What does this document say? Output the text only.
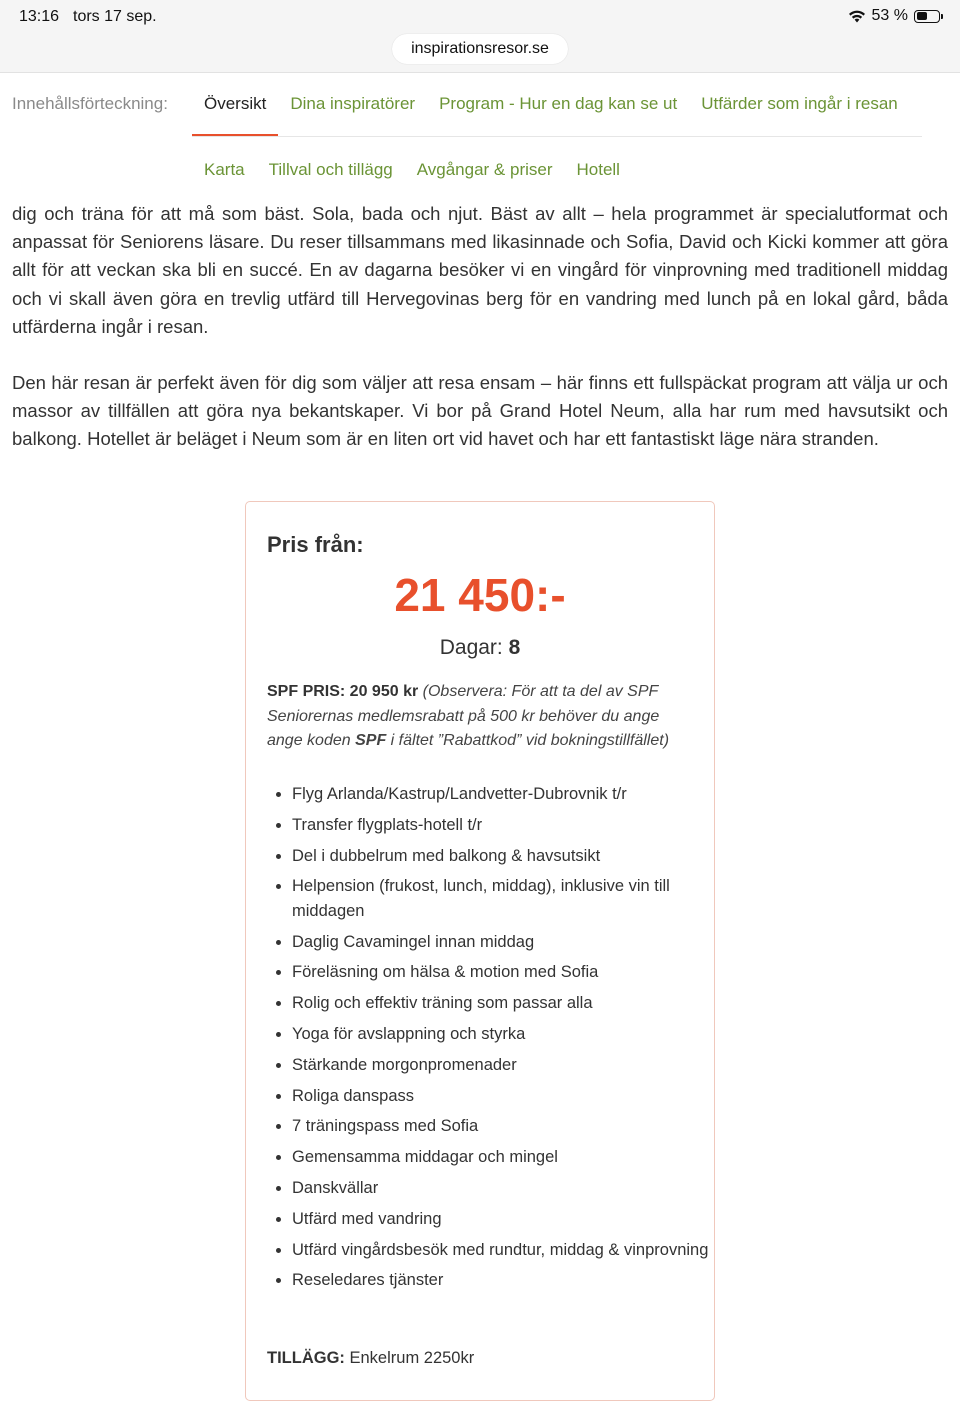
13:16 tors 17 sep.	53 %
inspirationsresor.se
Innehållsförteckning:	Översikt	Dina inspiratörer	Program - Hur en dag kan se ut	Utfärder som ingår i resan
Karta	Tillval och tillägg	Avgångar & priser	Hotell

dig och träna för att må som bäst. Sola, bada och njut. Bäst av allt – hela programmet är specialutformat och anpassat för Seniorens läsare. Du reser tillsammans med likasinnade och Sofia, David och Kicki kommer att göra allt för att veckan ska bli en succé. En av dagarna besöker vi en vingård för vinprovning med traditionell middag och vi skall även göra en trevlig utfärd till Hervegovinas berg för en vandring med lunch på en lokal gård, båda utfärderna ingår i resan.

Den här resan är perfekt även för dig som väljer att resa ensam – här finns ett fullspäckat program att välja ur och massor av tillfällen att göra nya bekantskaper. Vi bor på Grand Hotel Neum, alla har rum med havsutsikt och balkong. Hotellet är beläget i Neum som är en liten ort vid havet och har ett fantastiskt läge nära stranden.

Pris från:
21 450:-
Dagar: 8
SPF PRIS: 20 950 kr (Observera: För att ta del av SPF Seniorernas medlemsrabatt på 500 kr behöver du ange ange koden SPF i fältet ”Rabattkod” vid bokningstillfället)
• Flyg Arlanda/Kastrup/Landvetter-Dubrovnik t/r
• Transfer flygplats-hotell t/r
• Del i dubbelrum med balkong & havsutsikt
• Helpension (frukost, lunch, middag), inklusive vin till middagen
• Daglig Cavamingel innan middag
• Föreläsning om hälsa & motion med Sofia
• Rolig och effektiv träning som passar alla
• Yoga för avslappning och styrka
• Stärkande morgonpromenader
• Roliga danspass
• 7 träningspass med Sofia
• Gemensamma middagar och mingel
• Danskvällar
• Utfärd med vandring
• Utfärd vingårdsbesök med rundtur, middag & vinprovning
• Reseledares tjänster
TILLÄGG: Enkelrum 2250kr
